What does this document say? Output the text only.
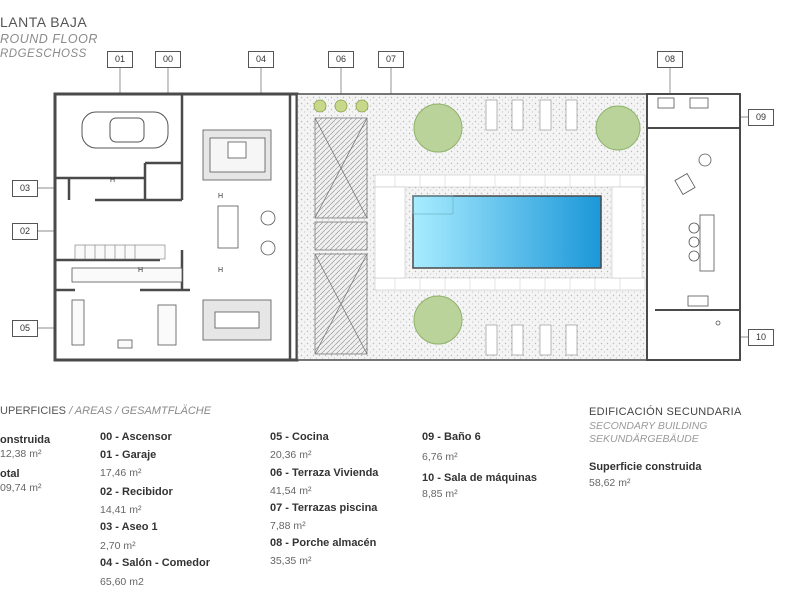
LANTA BAJA
ROUND FLOOR
RDGESCHOSS
H
H
H
H
01	00	04	06	07	08
09
03
02
05
10
UPERFICIES / AREAS / GESAMTFLÄCHE
onstruida
12,38 m²
otal
09,74 m²
00 - Ascensor
01 - Garaje
17,46 m²
02 - Recibidor
14,41 m²
03 - Aseo 1
2,70 m²
04 - Salón - Comedor
65,60 m2
05 - Cocina
20,36 m²
06 - Terraza Vivienda
41,54 m²
07 - Terrazas piscina
7,88 m²
08 - Porche almacén
35,35 m²
09 - Baño 6
6,76 m²
10 - Sala de máquinas
8,85 m²
EDIFICACIÓN SECUNDARIA
SECONDARY BUILDING
SEKUNDÄRGEBÄUDE
Superficie construida
58,62 m²
